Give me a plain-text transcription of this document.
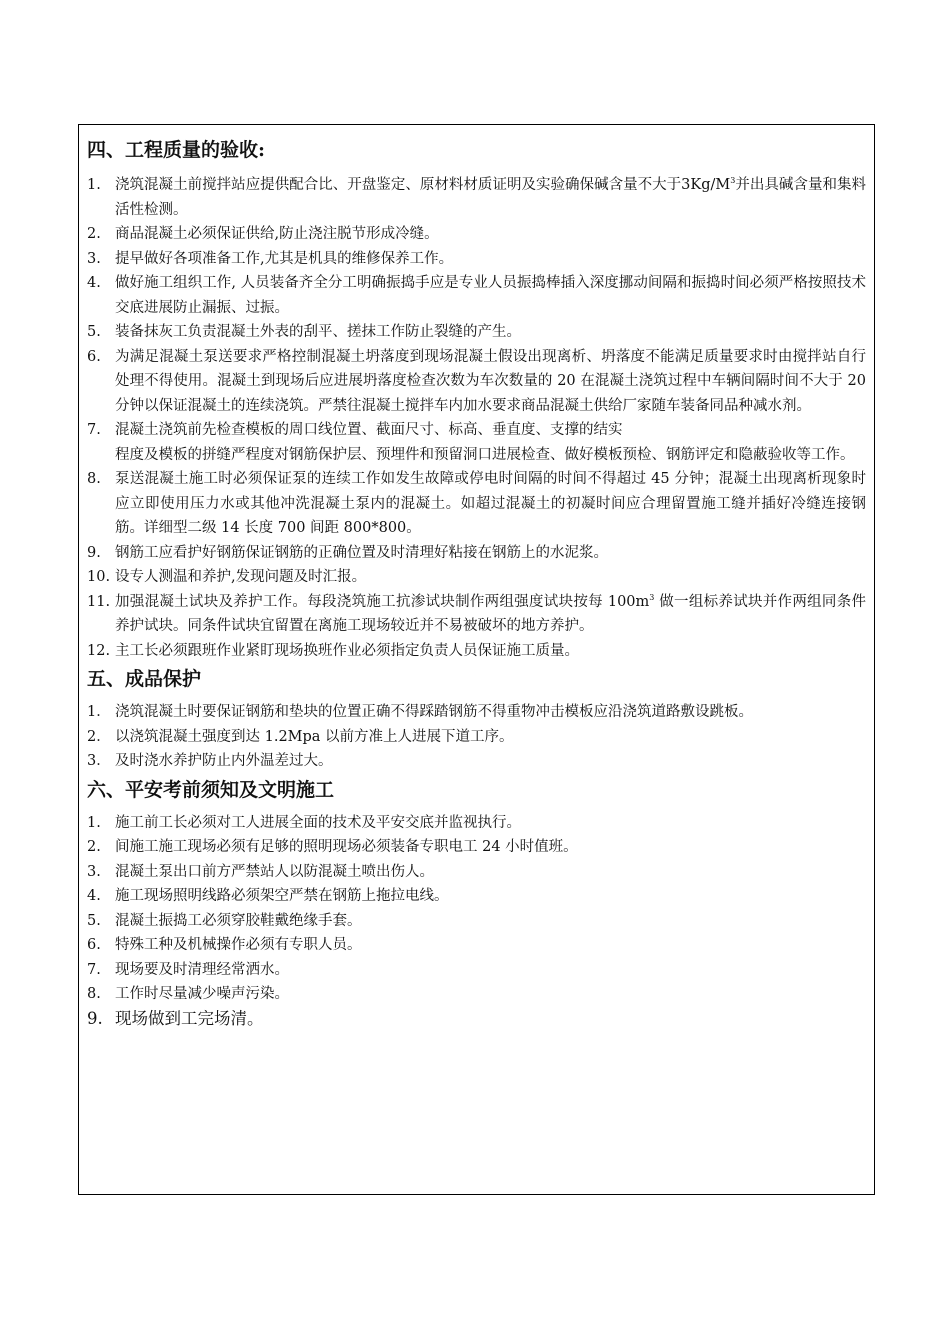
四、工程质量的验收:
1. 浇筑混凝土前搅拌站应提供配合比、开盘鉴定、原材料材质证明及实验确保碱含量不大于$3Kg/M^3$并出具碱含量和集料活性检测。
2. 商品混凝土必须保证供给,防止浇注脱节形成冷缝。
3. 提早做好各项准备工作,尤其是机具的维修保养工作。
4. 做好施工组织工作, 人员装备齐全分工明确振捣手应是专业人员振捣棒插入深度挪动间隔和振捣时间必须严格按照技术交底进展防止漏振、过振。
5. 装备抹灰工负责混凝土外表的刮平、搓抹工作防止裂缝的产生。
6. 为满足混凝土泵送要求严格控制混凝土坍落度到现场混凝土假设出现离析、坍落度不能满足质量要求时由搅拌站自行处理不得使用。混凝土到现场后应进展坍落度检查次数为车次数量的 20 在混凝土浇筑过程中车辆间隔时间不大于 20 分钟以保证混凝土的连续浇筑。严禁往混凝土搅拌车内加水要求商品混凝土供给厂家随车装备同品种减水剂。
7. 混凝土浇筑前先检查模板的周口线位置、截面尺寸、标高、垂直度、支撑的结实
程度及模板的拼缝严程度对钢筋保护层、预埋件和预留洞口进展检查、做好模板预检、钢筋评定和隐蔽验收等工作。
8. 泵送混凝土施工时必须保证泵的连续工作如发生故障或停电时间隔的时间不得超过 45 分钟；混凝土出现离析现象时应立即使用压力水或其他冲洗混凝土泵内的混凝土。如超过混凝土的初凝时间应合理留置施工缝并插好冷缝连接钢筋。详细型二级 14 长度 700 间距 800*800。
9. 钢筋工应看护好钢筋保证钢筋的正确位置及时清理好粘接在钢筋上的水泥浆。
10. 设专人测温和养护,发现问题及时汇报。
11. 加强混凝土试块及养护工作。每段浇筑施工抗渗试块制作两组强度试块按每 $100m^3$ 做一组标养试块并作两组同条件养护试块。同条件试块宜留置在离施工现场较近并不易被破坏的地方养护。
12. 主工长必须跟班作业紧盯现场换班作业必须指定负责人员保证施工质量。
五、成品保护
1． 浇筑混凝土时要保证钢筋和垫块的位置正确不得踩踏钢筋不得重物冲击模板应沿浇筑道路敷设跳板。
2． 以浇筑混凝土强度到达 1.2Mpa 以前方准上人进展下道工序。
3． 及时浇水养护防止内外温差过大。
六、平安考前须知及文明施工
1. 施工前工长必须对工人进展全面的技术及平安交底并监视执行。
2. 间施工施工现场必须有足够的照明现场必须装备专职电工 24 小时值班。
3. 混凝土泵出口前方严禁站人以防混凝土喷出伤人。
4. 施工现场照明线路必须架空严禁在钢筋上拖拉电线。
5. 混凝土振捣工必须穿胶鞋戴绝缘手套。
6. 特殊工种及机械操作必须有专职人员。
7. 现场要及时清理经常洒水。
8. 工作时尽量减少噪声污染。
9. 现场做到工完场清。
